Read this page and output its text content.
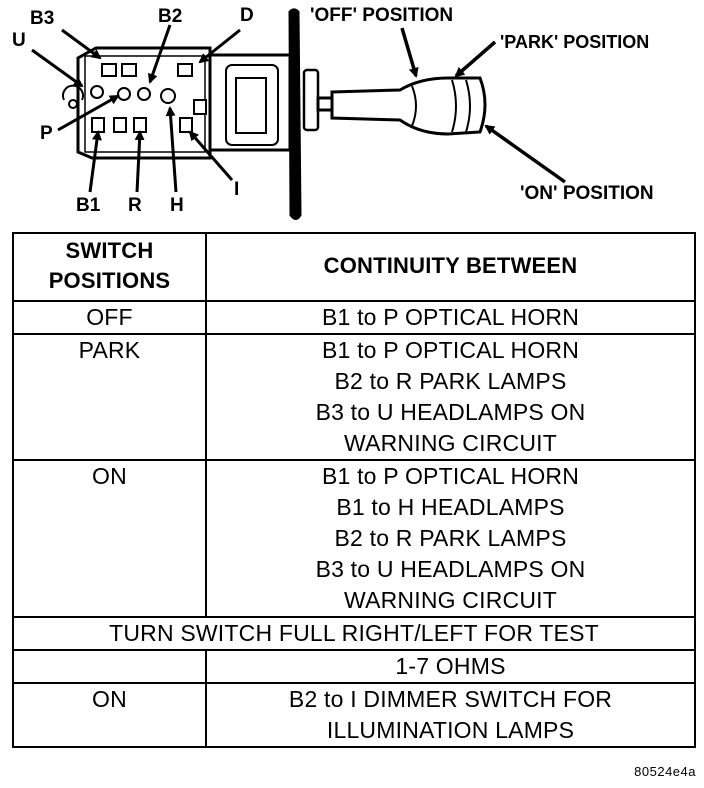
B3	B2	D
U
P
B1 R H
I
'OFF' POSITION
'PARK' POSITION
'ON' POSITION
SWITCH
POSITIONS	CONTINUITY BETWEEN
OFF	B1 to P OPTICAL HORN

PARK	B1 to P OPTICAL HORN
B2 to R PARK LAMPS
B3 to U HEADLAMPS ON
WARNING CIRCUIT

ON	B1 to P OPTICAL HORN
B1 to H HEADLAMPS
B2 to R PARK LAMPS
B3 to U HEADLAMPS ON
WARNING CIRCUIT

TURN SWITCH FULL RIGHT/LEFT FOR TEST	
	1-7 OHMS
ON	B2 to I DIMMER SWITCH FOR
ILLUMINATION LAMPS
80524e4a
